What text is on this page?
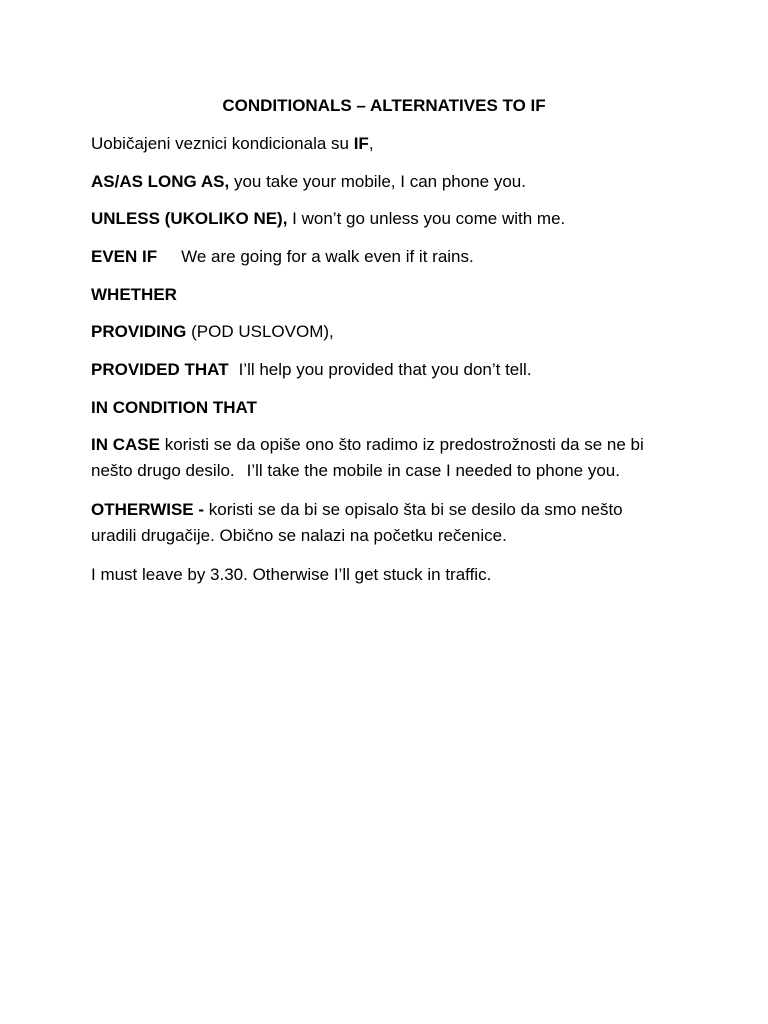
CONDITIONALS – ALTERNATIVES TO IF
Uobičajeni veznici kondicionala su IF,
AS/AS LONG AS, you take your mobile, I can phone you.
UNLESS (UKOLIKO NE), I won’t go unless you come with me.
EVEN IF We are going for a walk even if it rains.
WHETHER
PROVIDING (POD USLOVOM),
PROVIDED THAT I’ll help you provided that you don’t tell.
IN CONDITION THAT
IN CASE koristi se da opiše ono što radimo iz predostrožnosti da se ne bi
nešto drugo desilo. I’ll take the mobile in case I needed to phone you.
OTHERWISE - koristi se da bi se opisalo šta bi se desilo da smo nešto
uradili drugačije. Obično se nalazi na početku rečenice.
I must leave by 3.30. Otherwise I’ll get stuck in traffic.
